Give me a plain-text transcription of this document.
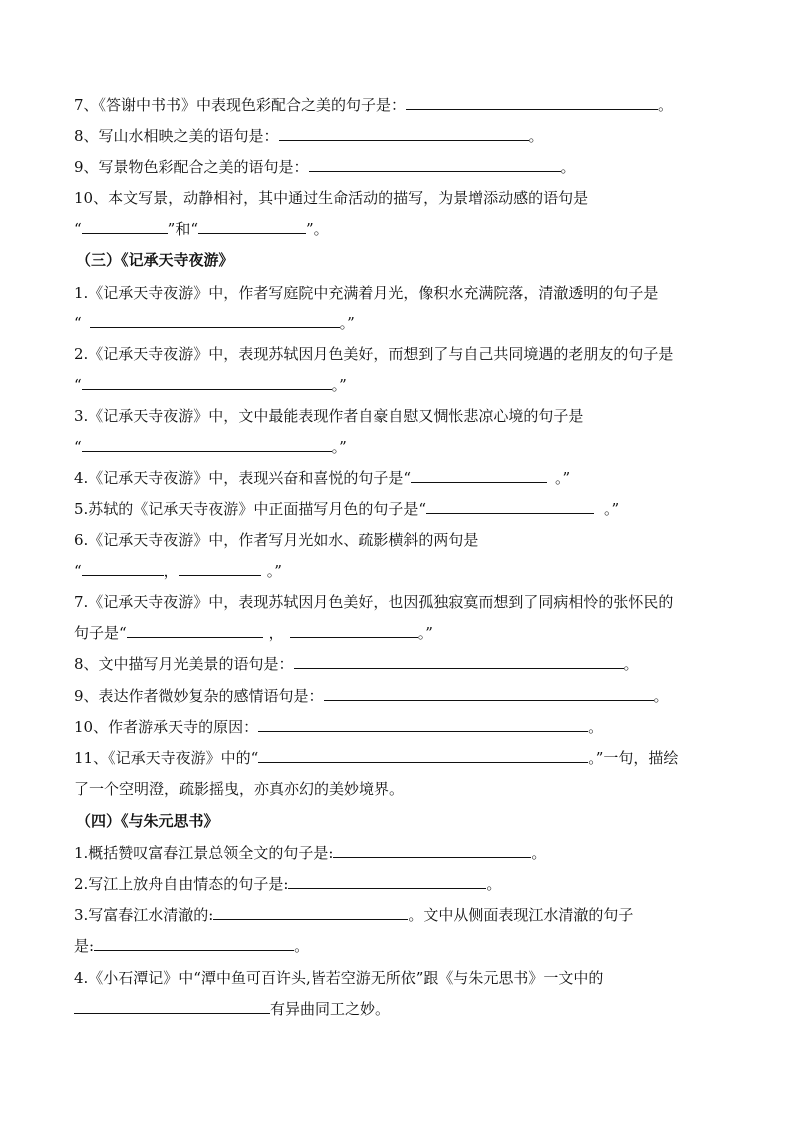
7、《答谢中书书》中表现色彩配合之美的句子是：	。
8、写山水相映之美的语句是：	。
9、写景物色彩配合之美的语句是：	。
10、本文写景，动静相衬，其中通过生命活动的描写，为景增添动感的语句是
“	”和“	”。
（三）《记承天寺夜游》
1.《记承天寺夜游》中，作者写庭院中充满着月光，像积水充满院落，清澈透明的句子是
“	。”
2.《记承天寺夜游》中，表现苏轼因月色美好，而想到了与自己共同境遇的老朋友的句子是
“	。”
3.《记承天寺夜游》中，文中最能表现作者自豪自慰又惆怅悲凉心境的句子是
“	。”
4.《记承天寺夜游》中，表现兴奋和喜悦的句子是“	。”
5.苏轼的《记承天寺夜游》中正面描写月色的句子是“	。”
6.《记承天寺夜游》中，作者写月光如水、疏影横斜的两句是
“	，	。”
7.《记承天寺夜游》中，表现苏轼因月色美好，也因孤独寂寞而想到了同病相怜的张怀民的
句子是“	，	。”
8、文中描写月光美景的语句是：	。
9、表达作者微妙复杂的感情语句是：	。
10、作者游承天寺的原因：	。
11、《记承天寺夜游》中的“	。”一句，描绘
了一个空明澄，疏影摇曳，亦真亦幻的美妙境界。
（四）《与朱元思书》
1.概括赞叹富春江景总领全文的句子是:	。
2.写江上放舟自由情态的句子是:	。
3.写富春江水清澈的:	。文中从侧面表现江水清澈的句子
是:	。
4.《小石潭记》中“潭中鱼可百许头,皆若空游无所依”跟《与朱元思书》一文中的
有异曲同工之妙。
